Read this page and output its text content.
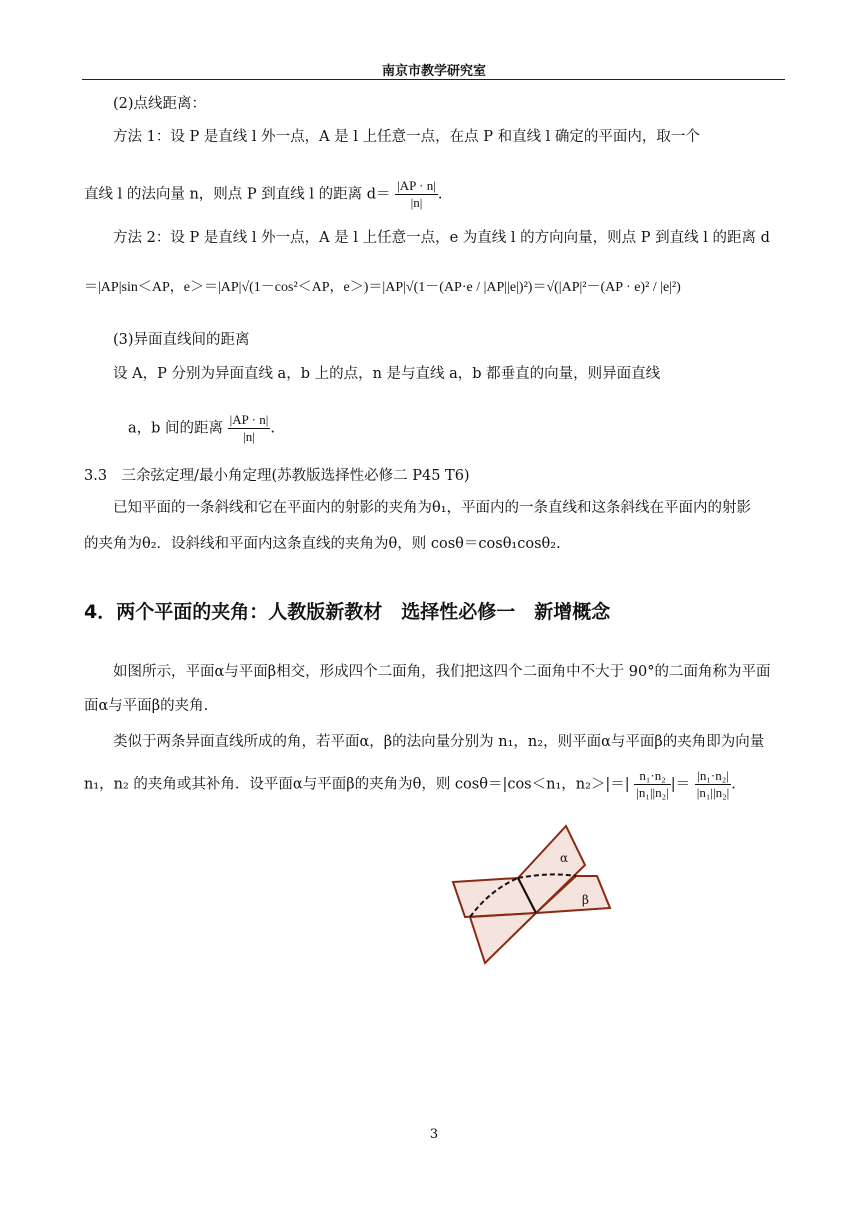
南京市教学研究室
(2)点线距离：
方法 1：设 P 是直线 l 外一点，A 是 l 上任意一点，在点 P 和直线 l 确定的平面内，取一个
直线 l 的法向量 n，则点 P 到直线 l 的距离 $d= \frac{|AP \cdot n|}{|n|}$ .
方法 2：设 P 是直线 l 外一点，A 是 l 上任意一点，e 为直线 l 的方向向量，则点 P 到直线 l 的距离 d
＝|AP|sin＜AP，e＞＝|AP|√(1－cos²＜AP，e＞)＝|AP|√(1－(AP·e / |AP||e|)²)＝√(|AP|²－(AP · e)² / |e|²)
(3)异面直线间的距离
设 A，P 分别为异面直线 a，b 上的点，n 是与直线 a，b 都垂直的向量，则异面直线
a，b 间的距离 $\frac{|AP \cdot n|}{|n|}$ .
3.3　三余弦定理/最小角定理(苏教版选择性必修二 P45 T6)
已知平面的一条斜线和它在平面内的射影的夹角为θ₁，平面内的一条直线和这条斜线在平面内的射影
的夹角为θ₂．设斜线和平面内这条直线的夹角为θ，则 cosθ＝cosθ₁cosθ₂.
4．两个平面的夹角：人教版新教材　选择性必修一　新增概念
如图所示，平面α与平面β相交，形成四个二面角，我们把这四个二面角中不大于 90°的二面角称为平面
面α与平面β的夹角.
类似于两条异面直线所成的角，若平面α，β的法向量分别为 n₁，n₂，则平面α与平面β的夹角即为向量
n₁，n₂ 的夹角或其补角．设平面α与平面β的夹角为θ，则 cosθ＝|cos＜n₁，$n_2>|=| \frac{\text{n₁·n₂}}{\text{|n₁||n₂|}}$ |＝ $\frac{\text{|n₁·n₂|}}{\text{|n₁||n₂|}}$ .
α
β
3
